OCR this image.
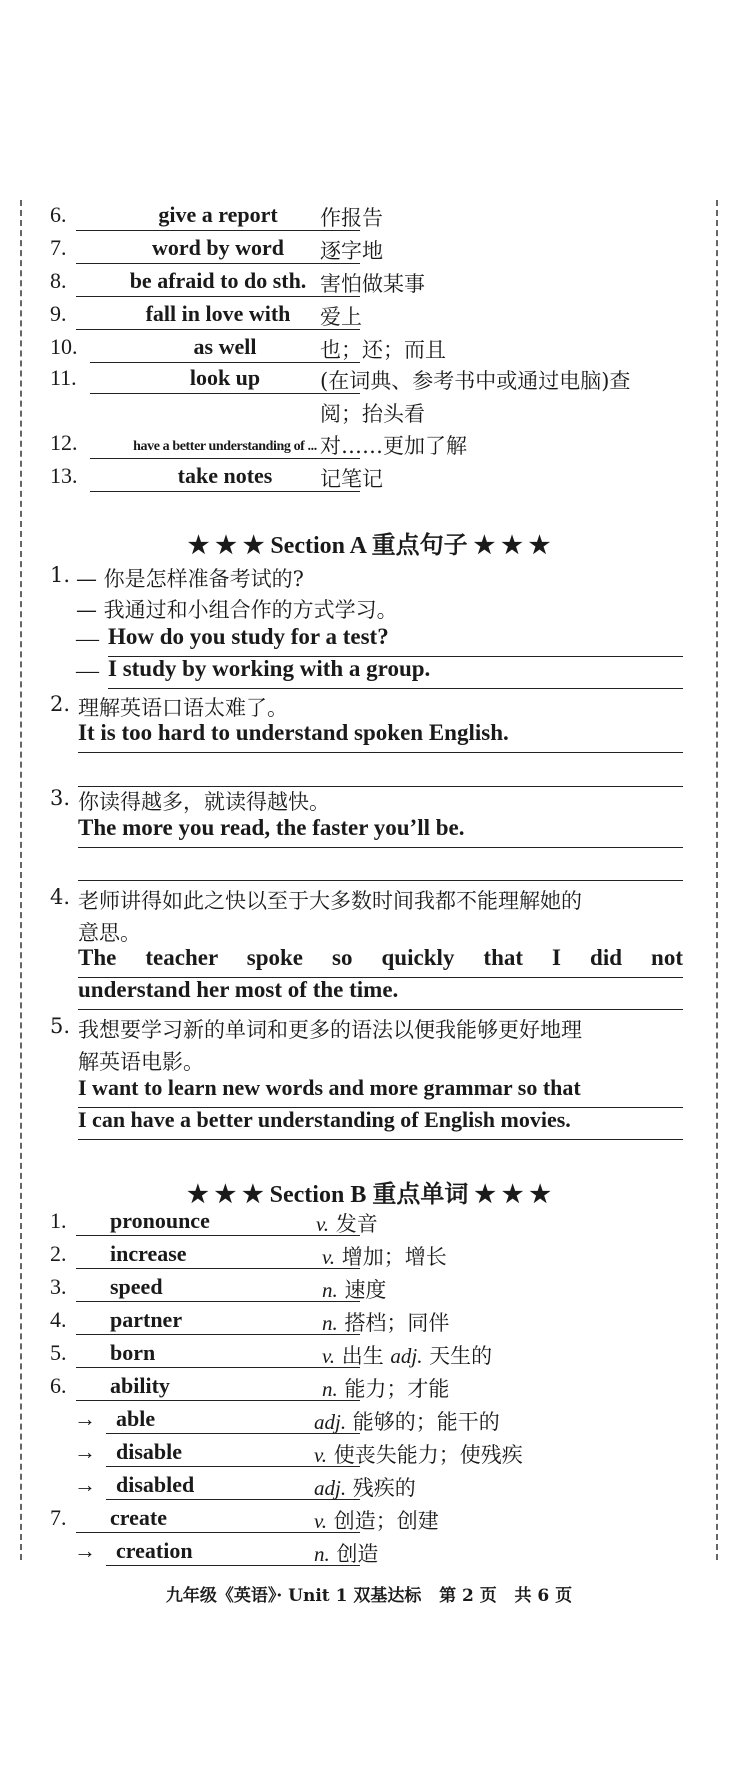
6.	give a report	作报告
7.	word by word	逐字地
8.	be afraid to do sth. 害怕做某事
9.	fall in love with	爱上
10.	as well	也；还；而且
11.	look up	(在词典、参考书中或通过电脑)查
阅；抬头看
12.	have a better understanding of ... 对……更加了解
13.	take notes	记笔记
★ ★ ★ Section A 重点句子 ★ ★ ★
1. — 你是怎样准备考试的?
— 我通过和小组合作的方式学习。
— How do you study for a test?
— I study by working with a group.
2. 理解英语口语太难了。
It is too hard to understand spoken English.
3. 你读得越多，就读得越快。
The more you read, the faster you’ll be.
4. 老师讲得如此之快以至于大多数时间我都不能理解她的
意思。
The teacher spoke so quickly that I did not
understand her most of the time.
5. 我想要学习新的单词和更多的语法以便我能够更好地理
解英语电影。
I want to learn new words and more grammar so that
I can have a better understanding of English movies.
★ ★ ★ Section B 重点单词 ★ ★ ★
1.	pronounce	v. 发音
2.	increase	v. 增加；增长
3.	speed	n. 速度
4.	partner	n. 搭档；同伴
5.	born	v. 出生 adj. 天生的
6.	ability	n. 能力；才能
→ able	adj. 能够的；能干的
→ disable	v. 使丧失能力；使残疾
→ disabled	adj. 残疾的
7.	create	v. 创造；创建
→ creation	n. 创造
九年级《英语》· Unit 1 双基达标   第 2 页   共 6 页
